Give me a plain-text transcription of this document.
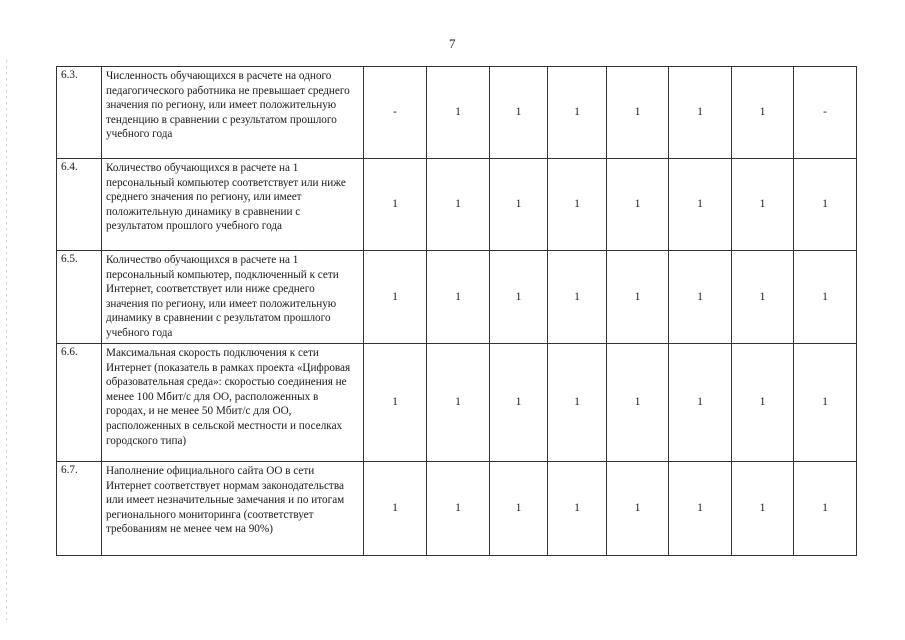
7
6.3.	Численность обучающихся в расчете на одного педагогического работника не превышает среднего значения по региону, или имеет положительную тенденцию в сравнении с результатом прошлого учебного года	-	1	1	1	1	1	1	-
6.4.	Количество обучающихся в расчете на 1 персональный компьютер соответствует или ниже среднего значения по региону, или имеет положительную динамику в сравнении с результатом прошлого учебного года	1	1	1	1	1	1	1	1
6.5.	Количество обучающихся в расчете на 1 персональный компьютер, подключенный к сети Интернет, соответствует или ниже среднего значения по региону, или имеет положительную динамику в сравнении с результатом прошлого учебного года	1	1	1	1	1	1	1	1
6.6.	Максимальная скорость подключения к сети Интернет (показатель в рамках проекта «Цифровая образовательная среда»: скоростью соединения не менее 100 Мбит/с для ОО, расположенных в городах, и не менее 50 Мбит/с для ОО, расположенных в сельской местности и поселках городского типа)	1	1	1	1	1	1	1	1
6.7.	Наполнение официального сайта ОО в сети Интернет соответствует нормам законодательства или имеет незначительные замечания и по итогам регионального мониторинга (соответствует требованиям не менее чем на 90%)	1	1	1	1	1	1	1	1
